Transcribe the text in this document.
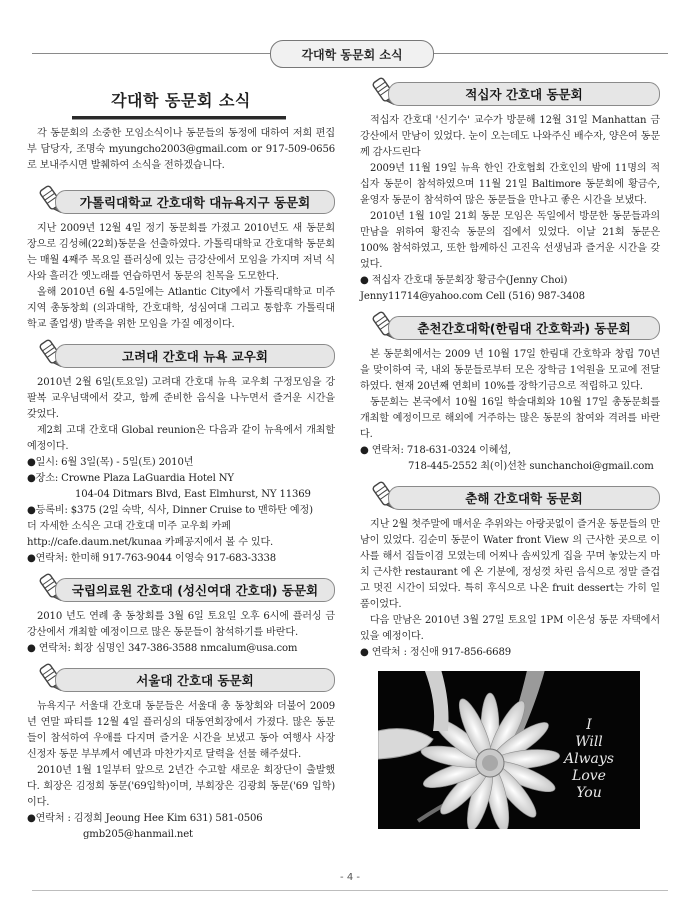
각대학 동문회 소식
각대학 동문회 소식

각 동문회의 소중한 모임소식이나 동문들의 동정에 대하여 저희 편집부 담당자, 조명숙 myungcho2003@gmail.com or 917-509-0656로 보내주시면 발췌하여 소식을 전하겠습니다.

가톨릭대학교 간호대학 대뉴욕지구 동문회

지난 2009년 12월 4일 정기 동문회를 가졌고 2010년도 새 동문회장으로 김성혜(22회)동문을 선출하였다. 가톨릭대학교 간호대학 동문회는 매월 4째주 목요일 플러싱에 있는 금강산에서 모임을 가지며 저녁 식사와 흘러간 옛노래를 연습하면서 동문의 친목을 도모한다.

올해 2010년 6월 4-5일에는 Atlantic City에서 가톨릭대학교 미주지역 총동창회 (의과대학, 간호대학, 성심여대 그리고 통합후 가톨릭대학교 졸업생) 발족을 위한 모임을 가질 예정이다.

고려대 간호대 뉴욕 교우회

2010년 2월 6일(토요일) 고려대 간호대 뉴욕 교우회 구정모임을 강팔복 교우님댁에서 갖고, 함께 준비한 음식을 나누면서 즐거운 시간을 갖었다.

제2회 고대 간호대 Global reunion은 다음과 같이 뉴욕에서 개최할 예정이다.

●일시: 6월 3일(목) - 5일(토) 2010년

●장소: Crowne Plaza LaGuardia Hotel NY

104-04 Ditmars Blvd, East Elmhurst, NY 11369

●등록비: $375 (2일 숙박, 식사, Dinner Cruise to 맨하탄 예정)

더 자세한 소식은 고대 간호대 미주 교우회 카페

http://cafe.daum.net/kunaa 카페공지에서 볼 수 있다.

●연락처: 한미해 917-763-9044 이영숙 917-683-3338

국립의료원 간호대 (성신여대 간호대) 동문회

2010 년도 연례 총 동창회를 3월 6일 토요일 오후 6시에 플러싱 금강산에서 개최할 예정이므로 많은 동문들이 참석하기를 바란다.

● 연락처: 회장 심명인 347-386-3588 nmcalum@usa.com

서울대 간호대 동문회

뉴욕지구 서울대 간호대 동문들은 서울대 총 동창회와 더불어 2009년 연말 파티를 12월 4일 플러싱의 대동연회장에서 가졌다. 많은 동문들이 참석하여 우애를 다지며 즐거운 시간을 보냈고 동아 여행사 사장 신정자 동문 부부께서 예년과 마찬가지로 달력을 선물 해주셨다.

2010년 1월 1일부터 앞으로 2년간 수고할 새로운 회장단이 출발했다. 회장은 김정희 동문('69입학)이며, 부회장은 김광희 동문('69 입학)이다.

●연락처 : 김정희 Jeoung Hee Kim 631) 581-0506

gmb205@hanmail.net

적십자 간호대 동문회

적십자 간호대 '신기수' 교수가 방문해 12월 31일 Manhattan 금강산에서 만남이 있었다. 눈이 오는데도 나와주신 배수자, 양은여 동문께 감사드린다

2009년 11월 19일 뉴욕 한인 간호협회 간호인의 밤에 11명의 적십자 동문이 참석하였으며 11월 21일 Baltimore 동문회에 황금수, 윤영자 동문이 참석하여 많은 동문들을 만나고 좋은 시간을 보냈다.

2010년 1월 10일 21회 동문 모임은 독일에서 방문한 동문들과의 만남을 위하여 황진숙 동문의 집에서 있었다. 이날 21회 동문은 100% 참석하였고, 또한 함께하신 고진옥 선생님과 즐거운 시간을 갖었다.

● 적십자 간호대 동문회장 황금수(Jenny Choi)

Jenny11714@yahoo.com Cell (516) 987-3408

춘천간호대학(한림대 간호학과) 동문회

본 동문회에서는 2009 년 10월 17일 한림대 간호학과 창립 70년을 맞이하여 국, 내외 동문들로부터 모은 장학금 1억원을 모교에 전달하였다. 현재 20년째 연회비 10%를 장학기금으로 적립하고 있다.

동문회는 본국에서 10월 16일 학술대회와 10월 17일 총동문회를 개최할 예정이므로 해외에 거주하는 많은 동문의 참여와 격려를 바란다.

● 연락처: 718-631-0324 이혜섭,

718-445-2552 최(이)선찬 sunchanchoi@gmail.com

춘해 간호대학 동문회

지난 2월 첫주말에 매서운 추위와는 아랑곳없이 즐거운 동문들의 만남이 있었다. 김순미 동문이 Water front View 의 근사한 곳으로 이사를 해서 집들이겸 모였는데 어찌나 솜씨있게 집을 꾸며 놓았는지 마치 근사한 restaurant 에 온 기분에, 정성껏 차린 음식으로 정말 즐겁고 멋진 시간이 되었다. 특히 후식으로 나온 fruit dessert는 가히 일품이었다.

다음 만남은 2010년 3월 27일 토요일 1PM 이은성 동문 자택에서 있을 예정이다.

● 연락처 : 정신애 917-856-6689

I
Will
Always
Love
You
- 4 -
